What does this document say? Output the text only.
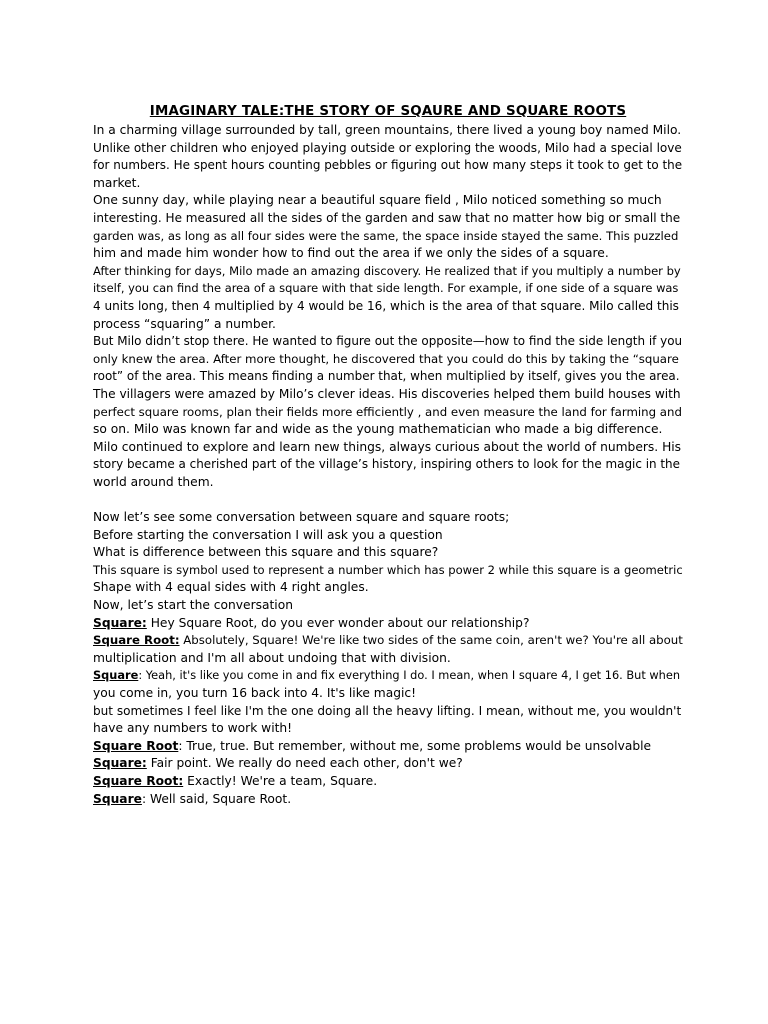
IMAGINARY TALE:THE STORY OF SQAURE AND SQUARE ROOTS

In a charming village surrounded by tall, green mountains, there lived a young boy named Milo.

Unlike other children who enjoyed playing outside or exploring the woods, Milo had a special love

for numbers. He spent hours counting pebbles or figuring out how many steps it took to get to the

market.

One sunny day, while playing near a beautiful square field , Milo noticed something so much

interesting. He measured all the sides of the garden and saw that no matter how big or small the

garden was, as long as all four sides were the same, the space inside stayed the same. This puzzled

him and made him wonder how to find out the area if we only the sides of a square.

After thinking for days, Milo made an amazing discovery. He realized that if you multiply a number by

itself, you can find the area of a square with that side length. For example, if one side of a square was

4 units long, then 4 multiplied by 4 would be 16, which is the area of that square. Milo called this

process “squaring” a number.

But Milo didn’t stop there. He wanted to figure out the opposite—how to find the side length if you

only knew the area. After more thought, he discovered that you could do this by taking the “square

root” of the area. This means finding a number that, when multiplied by itself, gives you the area.

The villagers were amazed by Milo’s clever ideas. His discoveries helped them build houses with

perfect square rooms, plan their fields more efficiently , and even measure the land for farming and

so on. Milo was known far and wide as the young mathematician who made a big difference.

Milo continued to explore and learn new things, always curious about the world of numbers. His

story became a cherished part of the village’s history, inspiring others to look for the magic in the

world around them.

Now let’s see some conversation between square and square roots;

Before starting the conversation I will ask you a question

What is difference between this square and this square?

This square is symbol used to represent a number which has power 2 while this square is a geometric

Shape with 4 equal sides with 4 right angles.

Now, let’s start the conversation

Square: Hey Square Root, do you ever wonder about our relationship?

Square Root: Absolutely, Square! We're like two sides of the same coin, aren't we? You're all about

multiplication and I'm all about undoing that with division.

Square: Yeah, it's like you come in and fix everything I do. I mean, when I square 4, I get 16. But when

you come in, you turn 16 back into 4. It's like magic!

but sometimes I feel like I'm the one doing all the heavy lifting. I mean, without me, you wouldn't

have any numbers to work with!

Square Root: True, true. But remember, without me, some problems would be unsolvable

Square: Fair point. We really do need each other, don't we?

Square Root: Exactly! We're a team, Square.

Square: Well said, Square Root.
